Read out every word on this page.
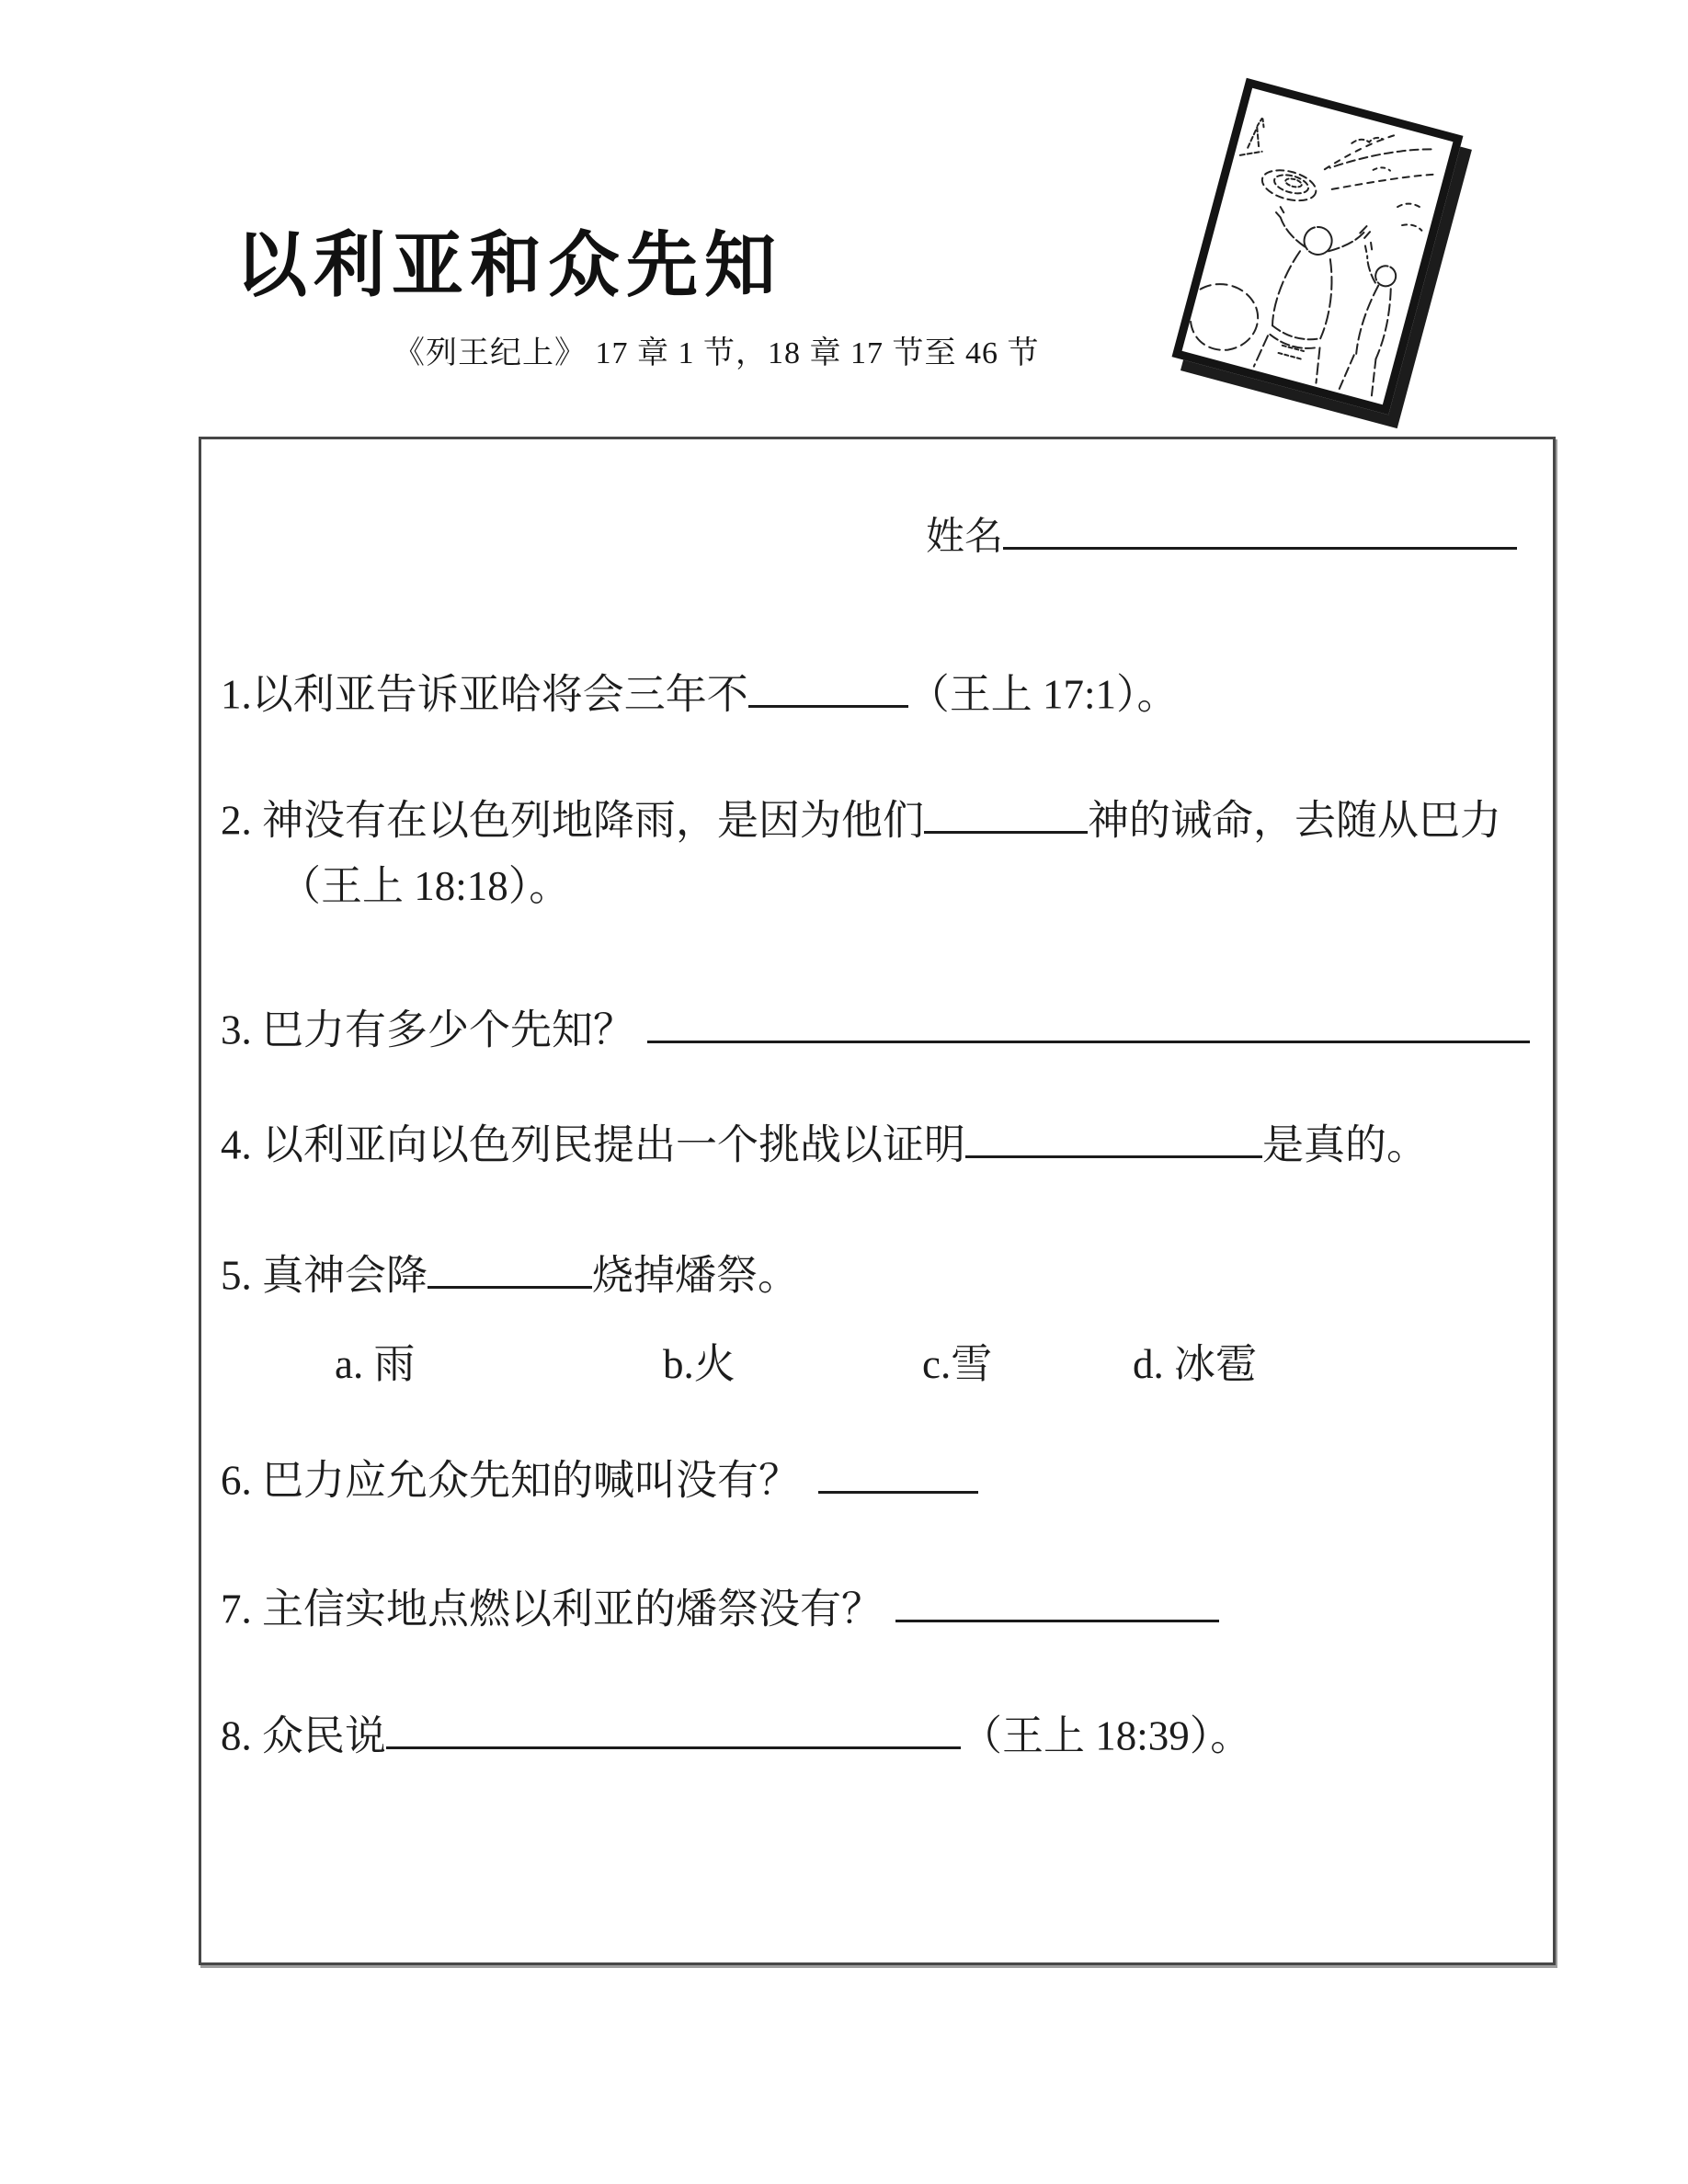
以利亚和众先知
《列王纪上》 17 章 1 节，18 章 17 节至 46 节
姓名
1.以利亚告诉亚哈将会三年不	（王上 17:1）。
2. 神没有在以色列地降雨，是因为他们	神的诫命，去随从巴力
（王上 18:18）。
3. 巴力有多少个先知？
4. 以利亚向以色列民提出一个挑战以证明	是真的。
5. 真神会降	烧掉燔祭。
a. 雨	b.火	c.雪	d. 冰雹
6. 巴力应允众先知的喊叫没有？
7. 主信实地点燃以利亚的燔祭没有？
8. 众民说	（王上 18:39）。
